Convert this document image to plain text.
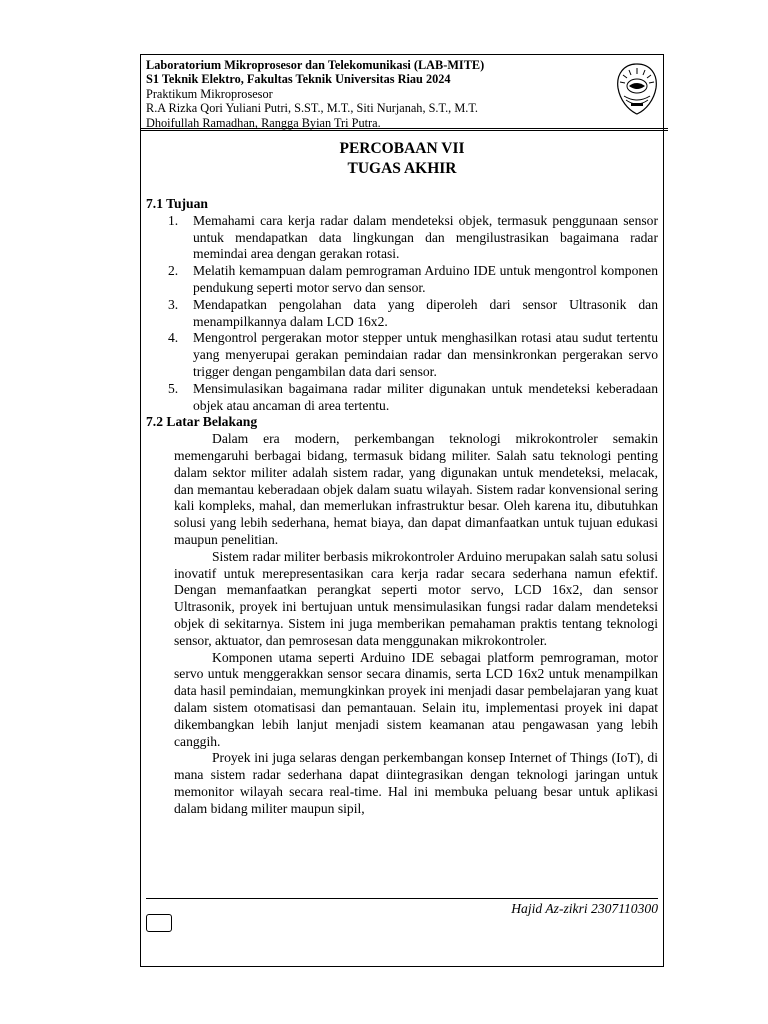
Laboratorium Mikroprosesor dan Telekomunikasi (LAB-MITE)
S1 Teknik Elektro, Fakultas Teknik Universitas Riau 2024
Praktikum Mikroprosesor
R.A Rizka Qori Yuliani Putri, S.ST., M.T., Siti Nurjanah, S.T., M.T.
Dhoifullah Ramadhan, Rangga Byian Tri Putra.
PERCOBAAN VII
TUGAS AKHIR
7.1 Tujuan
1. Memahami cara kerja radar dalam mendeteksi objek, termasuk penggunaan sensor untuk mendapatkan data lingkungan dan mengilustrasikan bagaimana radar memindai area dengan gerakan rotasi.
2. Melatih kemampuan dalam pemrograman Arduino IDE untuk mengontrol komponen pendukung seperti motor servo dan sensor.
3. Mendapatkan pengolahan data yang diperoleh dari sensor Ultrasonik dan menampilkannya dalam LCD 16x2.
4. Mengontrol pergerakan motor stepper untuk menghasilkan rotasi atau sudut tertentu yang menyerupai gerakan pemindaian radar dan mensinkronkan pergerakan servo trigger dengan pengambilan data dari sensor.
5. Mensimulasikan bagaimana radar militer digunakan untuk mendeteksi keberadaan objek atau ancaman di area tertentu.
7.2 Latar Belakang

Dalam era modern, perkembangan teknologi mikrokontroler semakin memengaruhi berbagai bidang, termasuk bidang militer. Salah satu teknologi penting dalam sektor militer adalah sistem radar, yang digunakan untuk mendeteksi, melacak, dan memantau keberadaan objek dalam suatu wilayah. Sistem radar konvensional sering kali kompleks, mahal, dan memerlukan infrastruktur besar. Oleh karena itu, dibutuhkan solusi yang lebih sederhana, hemat biaya, dan dapat dimanfaatkan untuk tujuan edukasi maupun penelitian.

Sistem radar militer berbasis mikrokontroler Arduino merupakan salah satu solusi inovatif untuk merepresentasikan cara kerja radar secara sederhana namun efektif. Dengan memanfaatkan perangkat seperti motor servo, LCD 16x2, dan sensor Ultrasonik, proyek ini bertujuan untuk mensimulasikan fungsi radar dalam mendeteksi objek di sekitarnya. Sistem ini juga memberikan pemahaman praktis tentang teknologi sensor, aktuator, dan pemrosesan data menggunakan mikrokontroler.

Komponen utama seperti Arduino IDE sebagai platform pemrograman, motor servo untuk menggerakkan sensor secara dinamis, serta LCD 16x2 untuk menampilkan data hasil pemindaian, memungkinkan proyek ini menjadi dasar pembelajaran yang kuat dalam sistem otomatisasi dan pemantauan. Selain itu, implementasi proyek ini dapat dikembangkan lebih lanjut menjadi sistem keamanan atau pengawasan yang lebih canggih.

Proyek ini juga selaras dengan perkembangan konsep Internet of Things (IoT), di mana sistem radar sederhana dapat diintegrasikan dengan teknologi jaringan untuk memonitor wilayah secara real-time. Hal ini membuka peluang besar untuk aplikasi dalam bidang militer maupun sipil,

Hajid Az-zikri 2307110300
